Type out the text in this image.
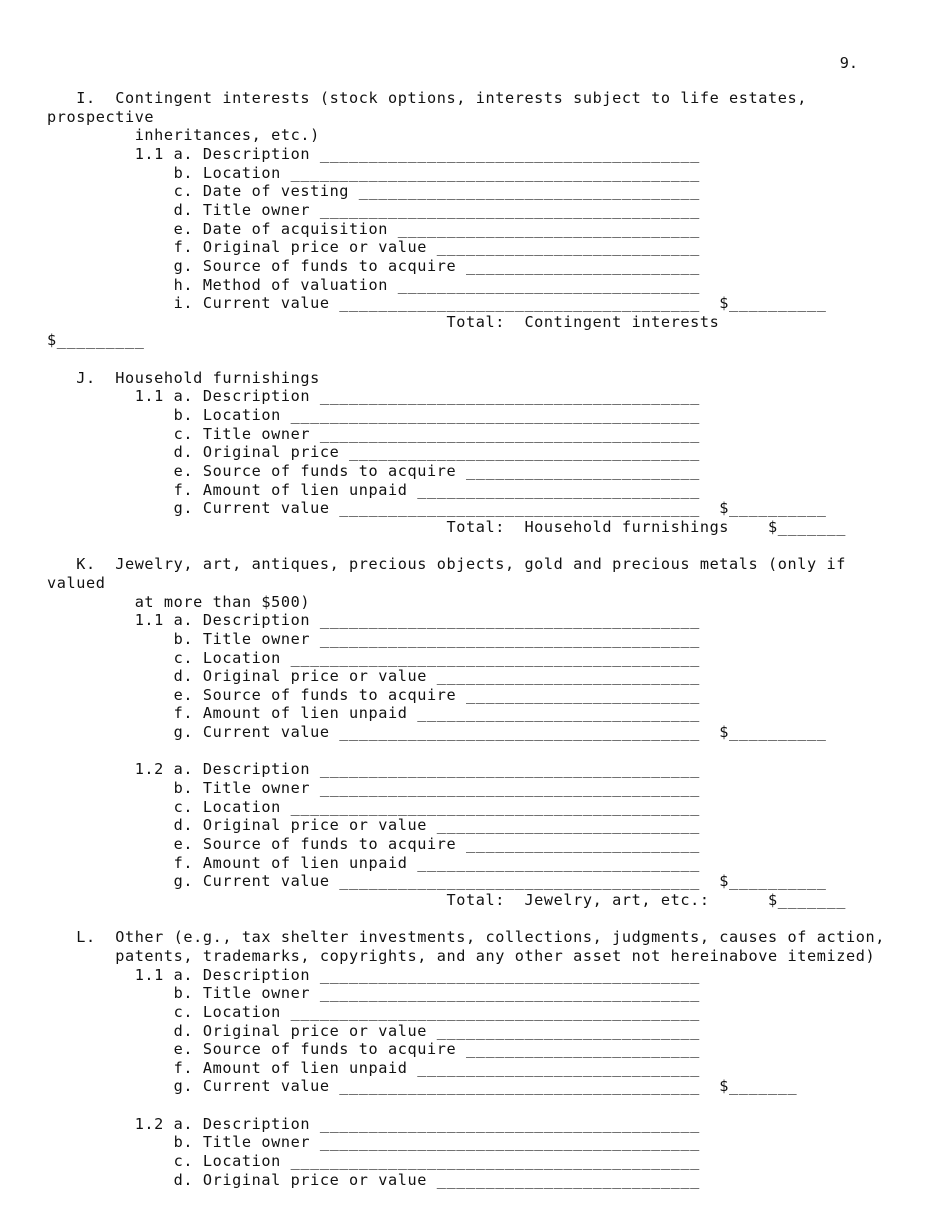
9.
I.  Contingent interests (stock options, interests subject to life estates,
prospective
inheritances, etc.)
1.1 a. Description _______________________________________
b. Location __________________________________________
c. Date of vesting ___________________________________
d. Title owner _______________________________________
e. Date of acquisition _______________________________
f. Original price or value ___________________________
g. Source of funds to acquire ________________________
h. Method of valuation _______________________________
i. Current value _____________________________________  $__________
Total:  Contingent interests
$_________
J.  Household furnishings
1.1 a. Description _______________________________________
b. Location __________________________________________
c. Title owner _______________________________________
d. Original price ____________________________________
e. Source of funds to acquire ________________________
f. Amount of lien unpaid _____________________________
g. Current value _____________________________________  $__________
Total:  Household furnishings    $_______
K.  Jewelry, art, antiques, precious objects, gold and precious metals (only if
valued
at more than $500)
1.1 a. Description _______________________________________
b. Title owner _______________________________________
c. Location __________________________________________
d. Original price or value ___________________________
e. Source of funds to acquire ________________________
f. Amount of lien unpaid _____________________________
g. Current value _____________________________________  $__________
1.2 a. Description _______________________________________
b. Title owner _______________________________________
c. Location __________________________________________
d. Original price or value ___________________________
e. Source of funds to acquire ________________________
f. Amount of lien unpaid _____________________________
g. Current value _____________________________________  $__________
Total:  Jewelry, art, etc.:      $_______
L.  Other (e.g., tax shelter investments, collections, judgments, causes of action,
patents, trademarks, copyrights, and any other asset not hereinabove itemized)
1.1 a. Description _______________________________________
b. Title owner _______________________________________
c. Location __________________________________________
d. Original price or value ___________________________
e. Source of funds to acquire ________________________
f. Amount of lien unpaid _____________________________
g. Current value _____________________________________  $_______
1.2 a. Description _______________________________________
b. Title owner _______________________________________
c. Location __________________________________________
d. Original price or value ___________________________
